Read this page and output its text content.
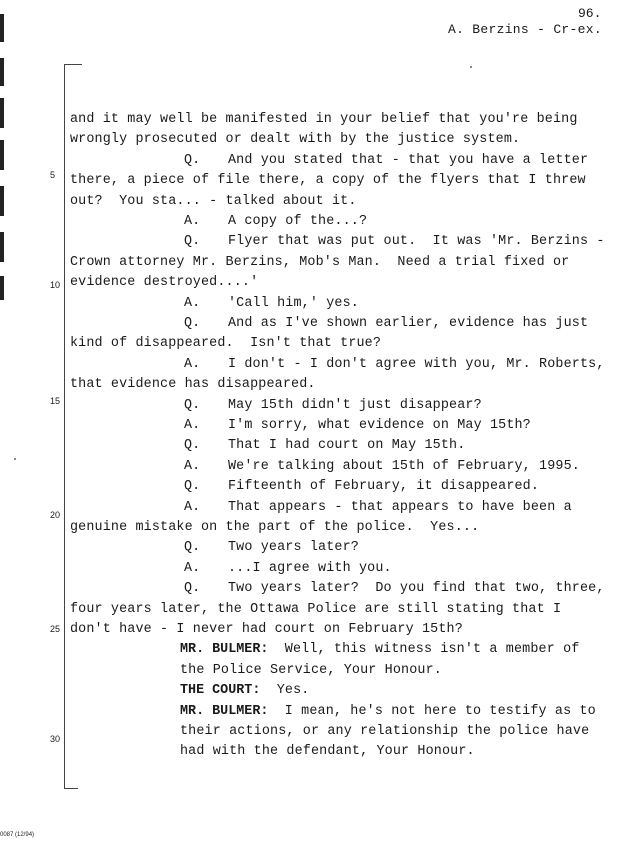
96.
A. Berzins - Cr-ex.
5
10
15
20
25
30
and it may well be manifested in your belief that you're being
wrongly prosecuted or dealt with by the justice system.
Q. And you stated that - that you have a letter
there, a piece of file there, a copy of the flyers that I threw
out?  You sta... - talked about it.
A. A copy of the...?
Q. Flyer that was put out.  It was 'Mr. Berzins -
Crown attorney Mr. Berzins, Mob's Man.  Need a trial fixed or
evidence destroyed....'
A. 'Call him,' yes.
Q. And as I've shown earlier, evidence has just
kind of disappeared.  Isn't that true?
A. I don't - I don't agree with you, Mr. Roberts,
that evidence has disappeared.
Q. May 15th didn't just disappear?
A. I'm sorry, what evidence on May 15th?
Q. That I had court on May 15th.
A. We're talking about 15th of February, 1995.
Q. Fifteenth of February, it disappeared.
A. That appears - that appears to have been a
genuine mistake on the part of the police.  Yes...
Q. Two years later?
A. ...I agree with you.
Q. Two years later?  Do you find that two, three,
four years later, the Ottawa Police are still stating that I
don't have - I never had court on February 15th?
MR. BULMER: Well, this witness isn't a member of
the Police Service, Your Honour.
THE COURT: Yes.
MR. BULMER: I mean, he's not here to testify as to
their actions, or any relationship the police have
had with the defendant, Your Honour.
0087 (12/94)
